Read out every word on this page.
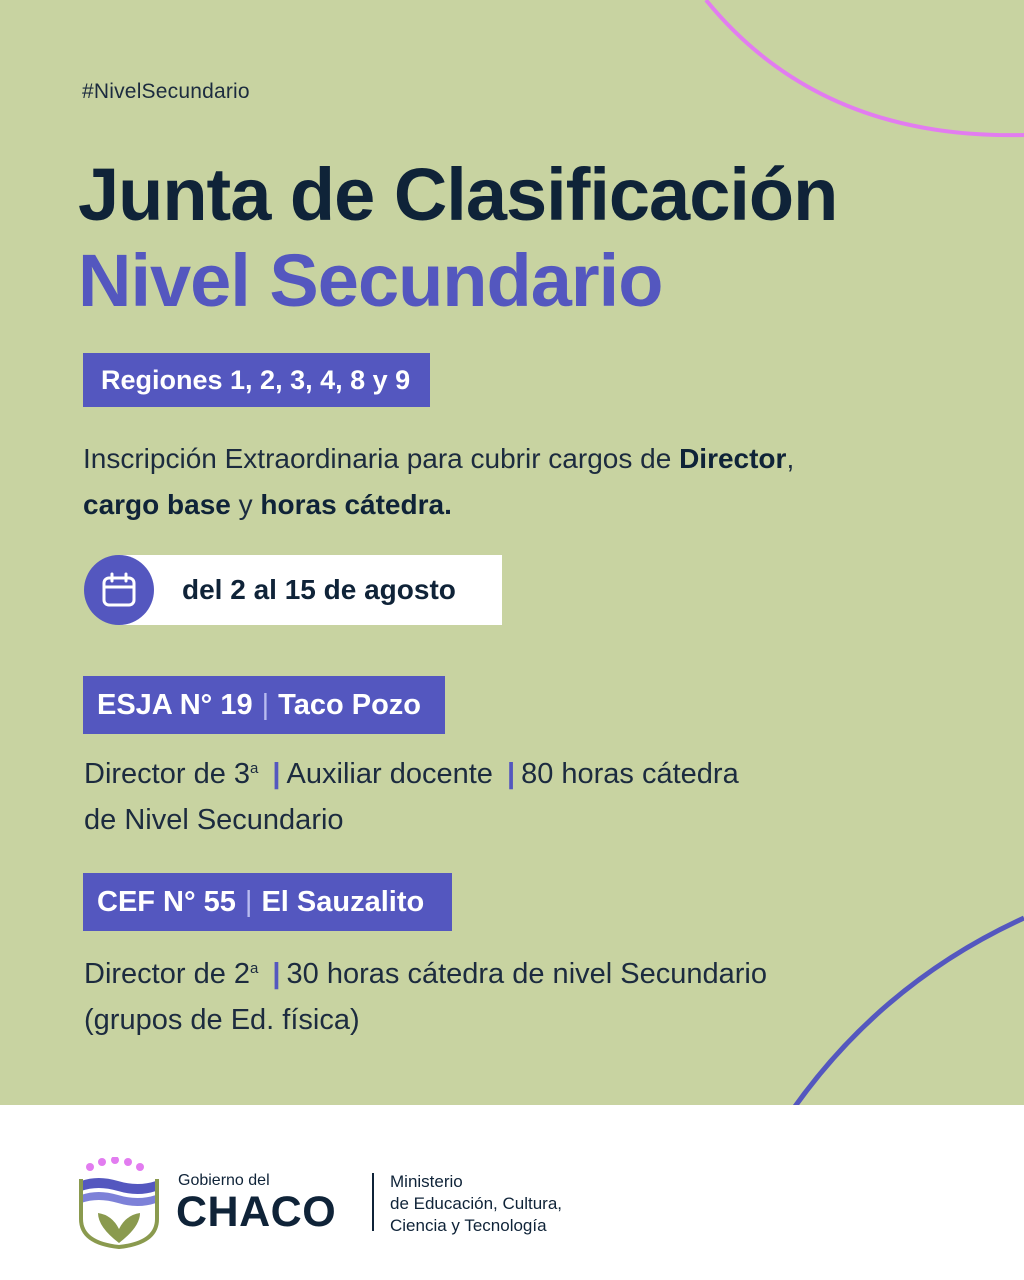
#NivelSecundario
Junta de Clasificación
Nivel Secundario
Regiones 1, 2, 3, 4, 8 y 9
Inscripción Extraordinaria para cubrir cargos de Director,
cargo base y horas cátedra.
del 2 al 15 de agosto
ESJA N° 19 | Taco Pozo
Director de 3$^a$ | Auxiliar docente | 80 horas cátedra
de Nivel Secundario
CEF N° 55 | El Sauzalito
Director de 2$^a$ | 30 horas cátedra de nivel Secundario
(grupos de Ed. física)
Gobierno del
CHACO
Ministerio
de Educación, Cultura,
Ciencia y Tecnología
